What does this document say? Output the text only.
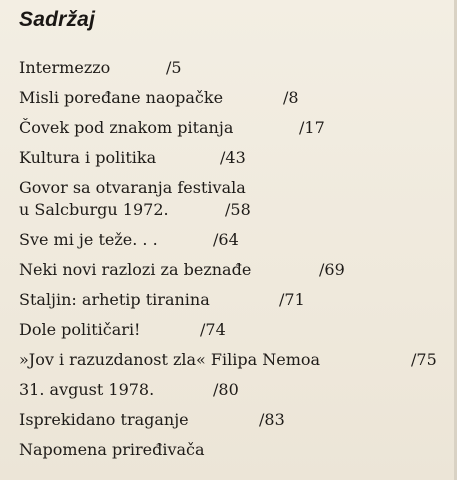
Sadržaj
Intermezzo	/5
Misli poređane naopačke	/8
Čovek pod znakom pitanja	/17
Kultura i politika	/43
Govor sa otvaranja festivala
u Salcburgu 1972.	/58
Sve mi je teže. . .	/64
Neki novi razlozi za beznađe	/69
Staljin: arhetip tiranina	/71
Dole političari!	/74
»Jov i razuzdanost zla« Filipa Nemoa	/75
31. avgust 1978.	/80
Isprekidano traganje	/83
Napomena priređivača
